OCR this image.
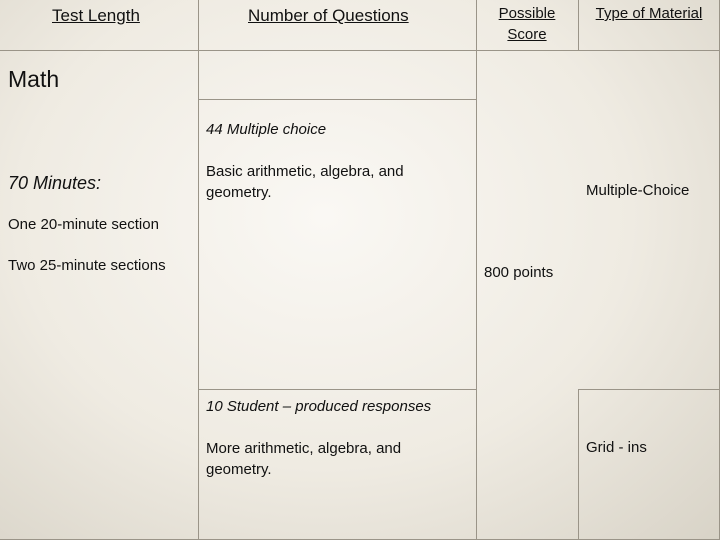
Test Length	Number of Questions	Possible
Score
Type of Material
Math
70 Minutes:
One 20-minute section
Two 25-minute sections
44 Multiple choice
Basic arithmetic, algebra, and
geometry.
10 Student – produced responses
More arithmetic, algebra, and
geometry.
800 points
Multiple-Choice
Grid - ins
